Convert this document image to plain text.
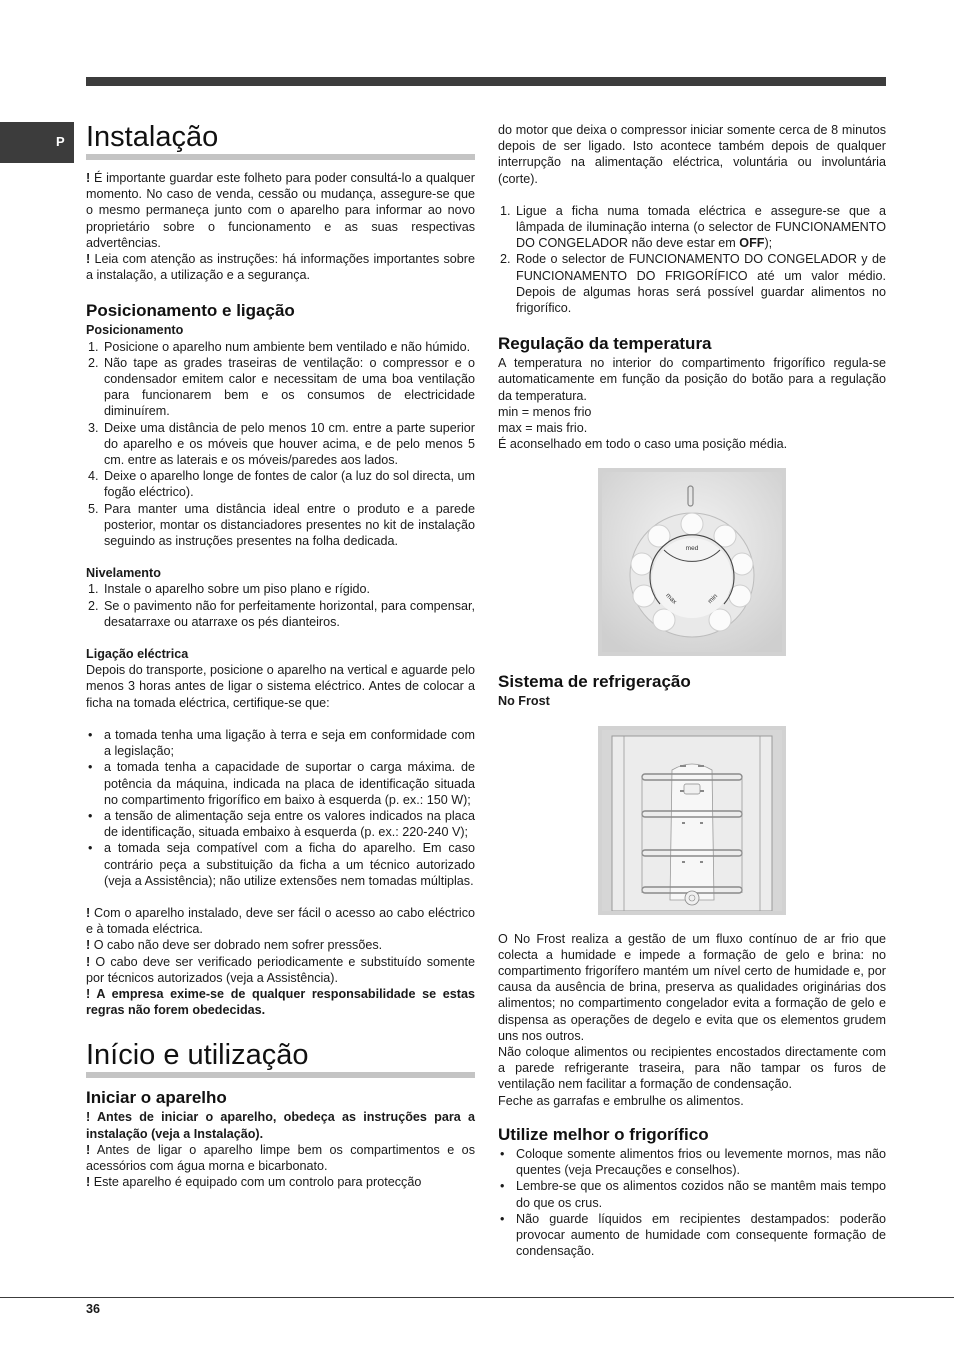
P Instalação

! É importante guardar este folheto para poder consultá-lo a qualquer momento. No caso de venda, cessão ou mudança, assegure-se que o mesmo permaneça junto com o aparelho para informar ao novo proprietário sobre o funcionamento e as suas respectivas advertências.

! Leia com atenção as instruções: há informações importantes sobre a instalação, a utilização e a segurança.

Posicionamento e ligação
Posicionamento
1. Posicione o aparelho num ambiente bem ventilado e não húmido.
2. Não tape as grades traseiras de ventilação: o compressor e o condensador emitem calor e necessitam de uma boa ventilação para funcionarem bem e os consumos de electricidade diminuírem.
3. Deixe uma distância de pelo menos 10 cm. entre a parte superior do aparelho e os móveis que houver acima, e de pelo menos 5 cm. entre as laterais e os móveis/paredes aos lados.
4. Deixe o aparelho longe de fontes de calor (a luz do sol directa, um fogão eléctrico).
5. Para manter uma distância ideal entre o produto e a parede posterior, montar os distanciadores presentes no kit de instalação seguindo as instruções presentes na folha dedicada.
Nivelamento
1. Instale o aparelho sobre um piso plano e rígido.
2. Se o pavimento não for perfeitamente horizontal, para compensar, desatarraxe ou atarraxe os pés dianteiros.
Ligação eléctrica

Depois do transporte, posicione o aparelho na vertical e aguarde pelo menos 3 horas antes de ligar o sistema eléctrico. Antes de colocar a ficha na tomada eléctrica, certifique-se que:

• a tomada tenha uma ligação à terra e seja em conformidade com a legislação;
• a tomada tenha a capacidade de suportar o carga máxima. de potência da máquina, indicada na placa de identificação situada no compartimento frigorífico em baixo à esquerda (p. ex.: 150 W);
• a tensão de alimentação seja entre os valores indicados na placa de identificação, situada embaixo à esquerda (p. ex.: 220-240 V);
• a tomada seja compatível com a ficha do aparelho. Em caso contrário peça a substituição da ficha a um técnico autorizado (veja a Assistência); não utilize extensões nem tomadas múltiplas.

! Com o aparelho instalado, deve ser fácil o acesso ao cabo eléctrico e à tomada eléctrica.

! O cabo não deve ser dobrado nem sofrer pressões.

! O cabo deve ser verificado periodicamente e substituído somente por técnicos autorizados (veja a Assistência).

! A empresa exime-se de qualquer responsabilidade se estas regras não forem obedecidas.

Início e utilização
Iniciar o aparelho

! Antes de iniciar o aparelho, obedeça as instruções para a instalação (veja a Instalação).

! Antes de ligar o aparelho limpe bem os compartimentos e os acessórios com água morna e bicarbonato.

! Este aparelho é equipado com um controlo para protecção

do motor que deixa o compressor iniciar somente cerca de 8 minutos depois de ser ligado. Isto acontece também depois de qualquer interrupção na alimentação eléctrica, voluntária ou involuntária (corte).

1. Ligue a ficha numa tomada eléctrica e assegure-se que a lâmpada de iluminação interna (o selector de FUNCIONAMENTO DO CONGELADOR não deve estar em OFF);
2. Rode o selector de FUNCIONAMENTO DO CONGELADOR y de FUNCIONAMENTO DO FRIGORÍFICO até um valor médio. Depois de algumas horas será possível guardar alimentos no frigorífico.
Regulação da temperatura

A temperatura no interior do compartimento frigorífico regula-se automaticamente em função da posição do botão para a regulação da temperatura.

min = menos frio

max = mais frio.

É aconselhado em todo o caso uma posição média.

med
max	min
Sistema de refrigeração
No Frost

O No Frost realiza a gestão de um fluxo contínuo de ar frio que colecta a humidade e impede a formação de gelo e brina: no compartimento frigorífero mantém um nível certo de humidade e, por causa da ausência de brina, preserva as qualidades originárias dos alimentos; no compartimento congelador evita a formação de gelo e dispensa as operações de degelo e evita que os elementos grudem uns nos outros.

Não coloque alimentos ou recipientes encostados directamente com a parede refrigerante traseira, para não tampar os furos de ventilação nem facilitar a formação de condensação.

Feche as garrafas e embrulhe os alimentos.

Utilize melhor o frigorífico
• Coloque somente alimentos frios ou levemente mornos, mas não quentes (veja Precauções e conselhos).
• Lembre-se que os alimentos cozidos não se mantêm mais tempo do que os crus.
• Não guarde líquidos em recipientes destampados: poderão provocar aumento de humidade com consequente formação de condensação.
36
